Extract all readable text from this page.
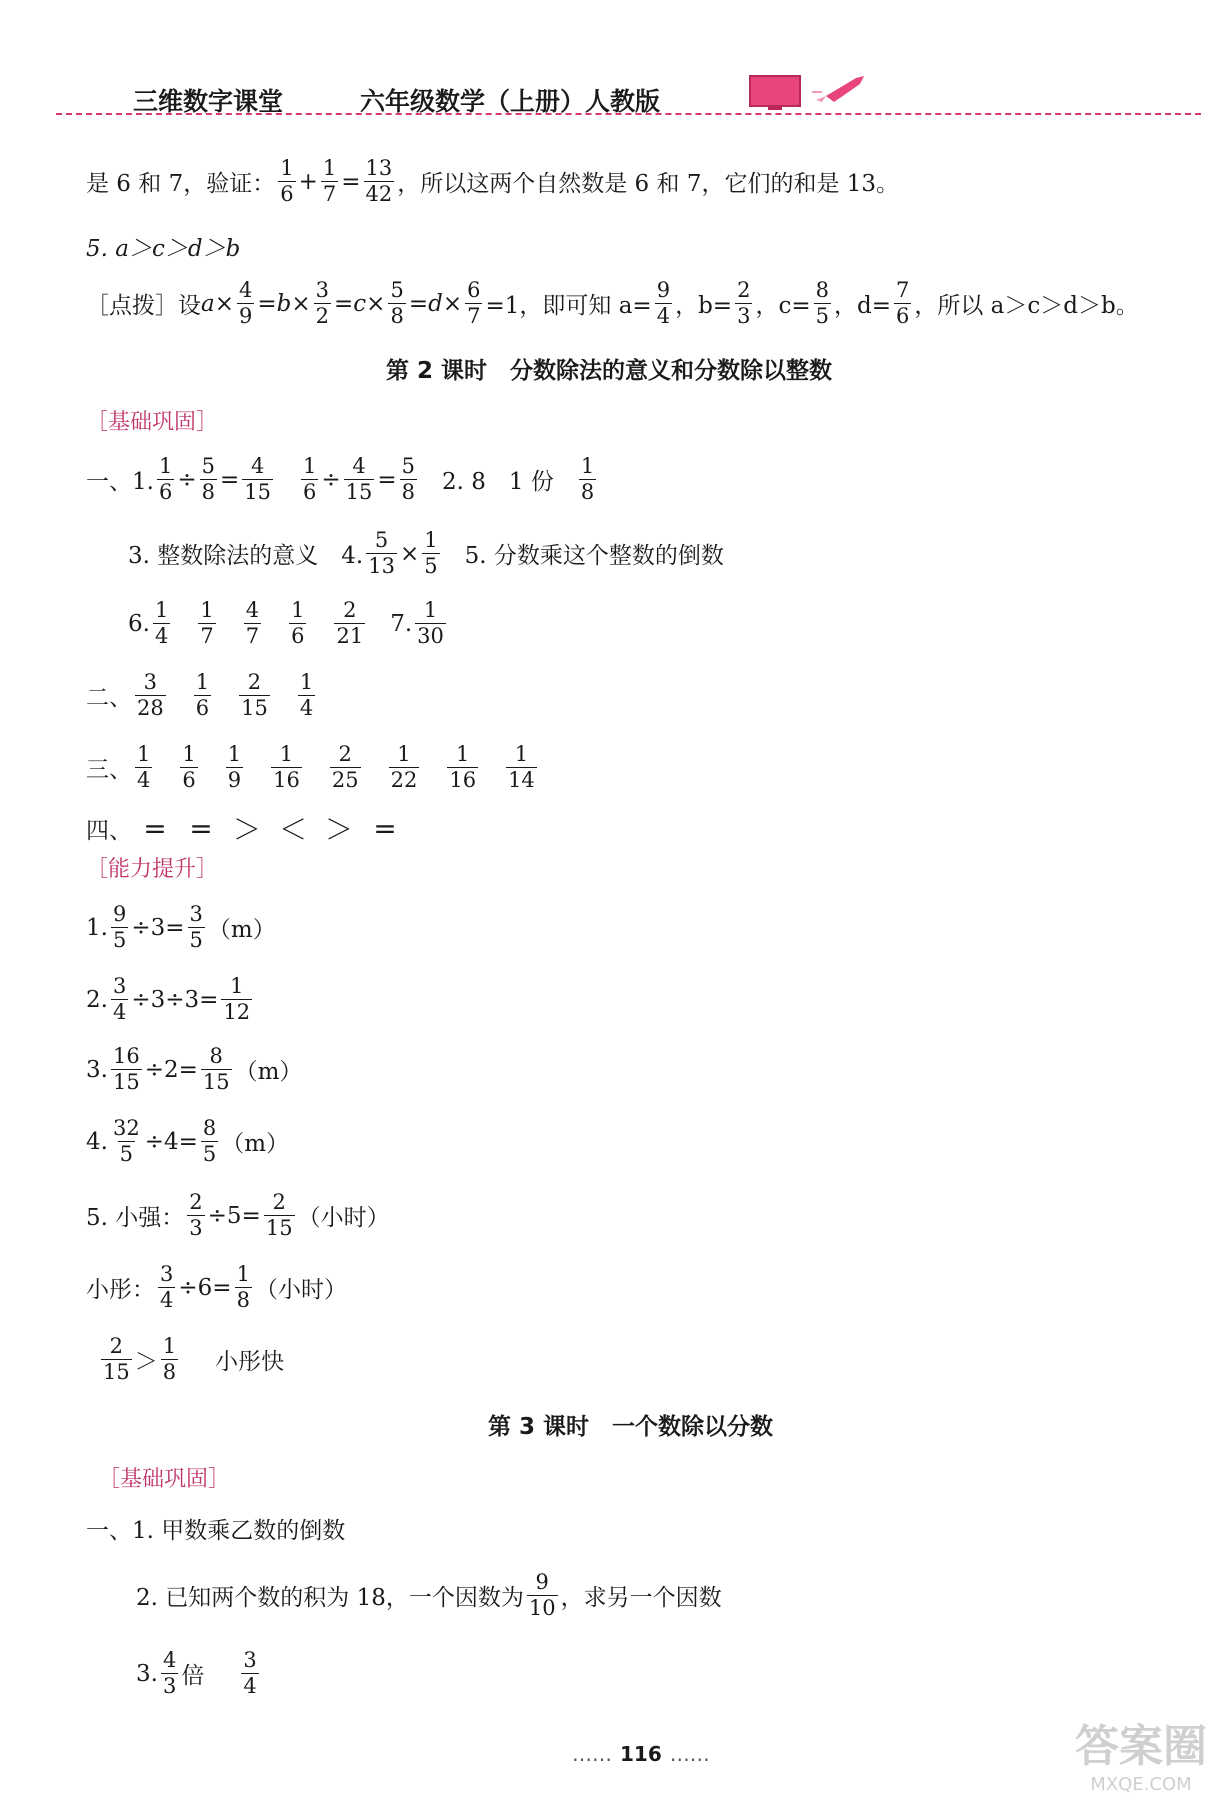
三维数字课堂	六年级数学（上册）人教版
是 6 和 7，验证： $\frac{1}{6} + \frac{1}{7} = \frac{13}{42}$ ，所以这两个自然数是 6 和 7，它们的和是 13。
5. a＞c＞d＞b
［点拨］设 $a\times \frac{4}{9} =b\times \frac{3}{2} =c\times \frac{5}{8} =d\times \frac{6}{7} =1$，即可知 $a= \frac{9}{4}$ ，$b= \frac{2}{3}$ ，$c= \frac{8}{5}$ ，$d= \frac{7}{6}$ ，所以 a＞c＞d＞b。
第 2 课时　分数除法的意义和分数除以整数
［基础巩固］
一、1. $\frac{1}{6} \div \frac{5}{8} = \frac{4}{15} \frac{1}{6} \div \frac{4}{15} = \frac{5}{8} 2$. 8　1 份 $\frac{1}{8}$
3. 整数除法的意义　4. $\frac{5}{13} \times \frac{1}{5} 5$. 分数乘这个整数的倒数
6. $\frac{1}{4} \frac{1}{7} \frac{4}{7} \frac{1}{6} \frac{2}{21} 7$. $\frac{1}{30}$
二、 $\frac{3}{28} \frac{1}{6} \frac{2}{15} \frac{1}{4}$
三、 $\frac{1}{4} \frac{1}{6} \frac{1}{9} \frac{1}{16} \frac{2}{25} \frac{1}{22} \frac{1}{16} \frac{1}{14}$
四、 = = ＞ ＜ ＞ =
［能力提升］
1. $\frac{9}{5} \div 3= \frac{3}{5} (m)$
2. $\frac{3}{4} \div 3\div 3= \frac{1}{12}$
3. $\frac{16}{15} \div 2= \frac{8}{15} (m)$
4. $\frac{32}{5} \div 4= \frac{8}{5} (m)$
5. 小强： $\frac{2}{3} \div 5= \frac{2}{15}$ （小时）
小彤： $\frac{3}{4} \div 6= \frac{1}{8}$ （小时）
$\frac{2}{15} > \frac{1}{8}$ 小彤快
第 3 课时　一个数除以分数
［基础巩固］
一、1. 甲数乘乙数的倒数
2. 已知两个数的积为 18，一个因数为 $\frac{9}{10}$ ，求另一个因数
3. $\frac{4}{3}$ 倍 $\frac{3}{4}$
…… 116 ……	答案圈
MXQE.COM
